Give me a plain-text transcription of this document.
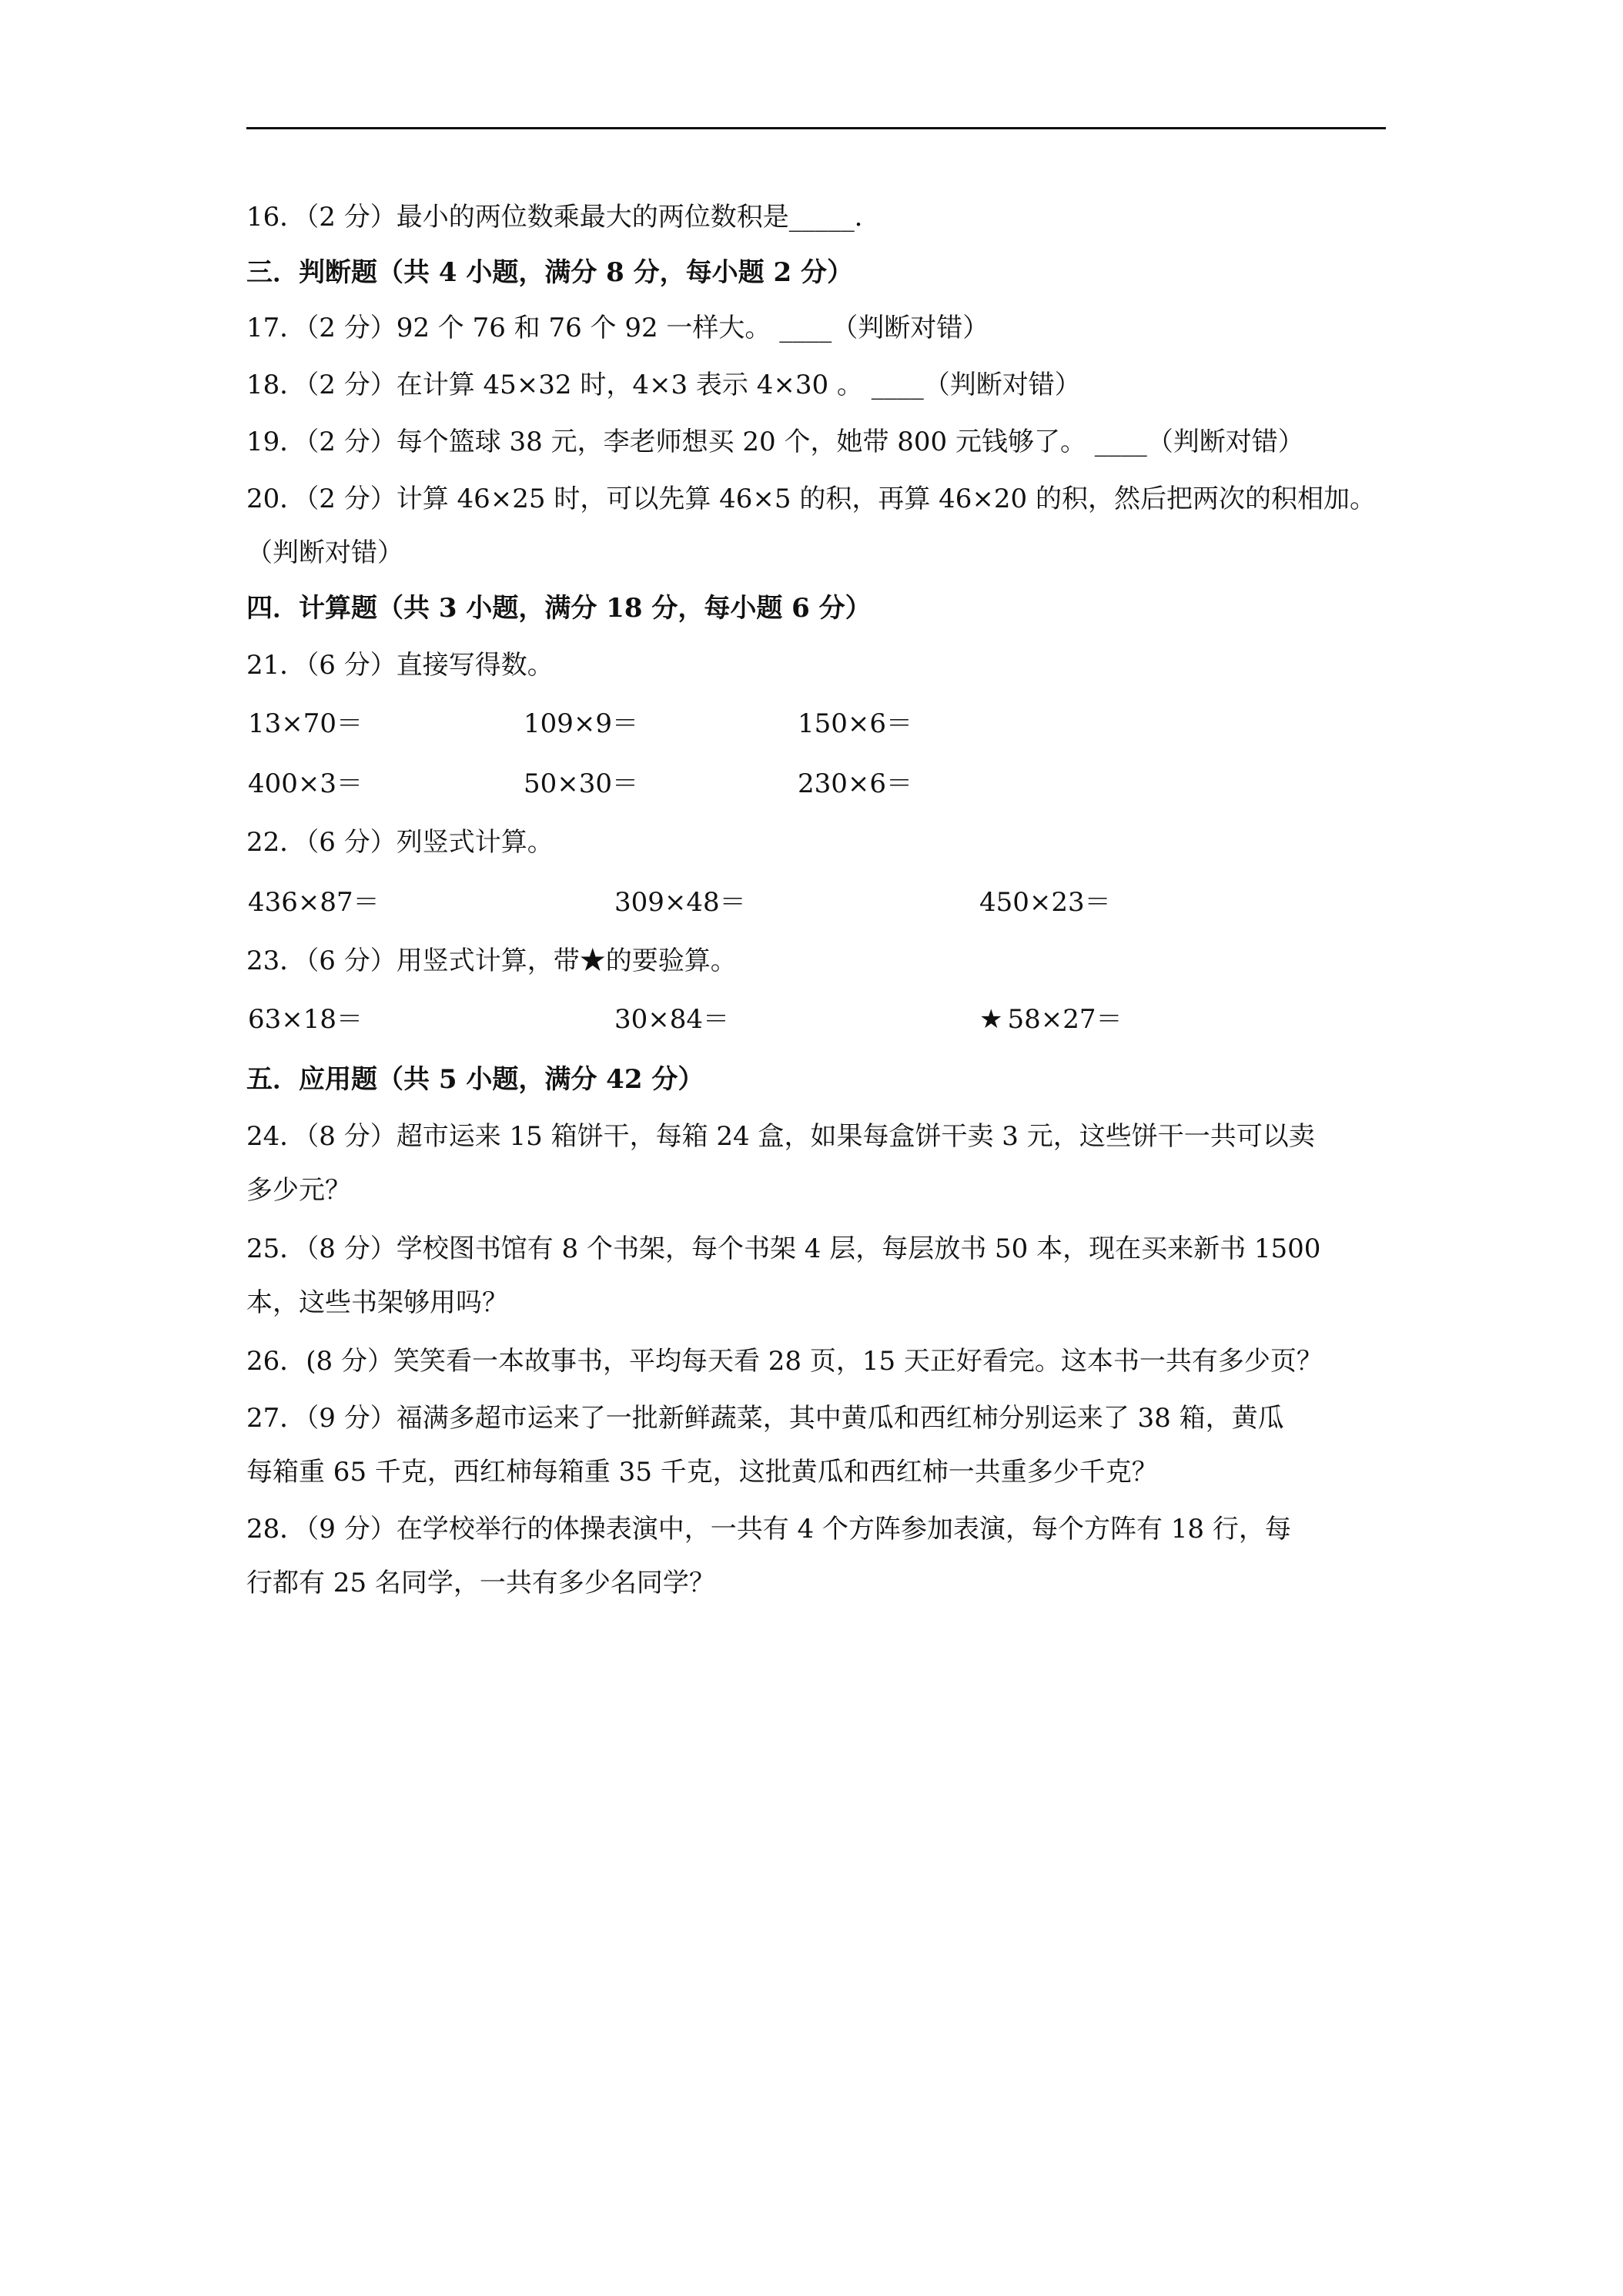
16．（2 分）最小的两位数乘最大的两位数积是_____．
三．判断题（共 4 小题，满分 8 分，每小题 2 分）
17．（2 分）92 个 76 和 76 个 92 一样大。 ____（判断对错）
18．（2 分）在计算 45×32 时，4×3 表示 4×30 。 ____（判断对错）
19．（2 分）每个篮球 38 元，李老师想买 20 个，她带 800 元钱够了。 ____（判断对错）
20．（2 分）计算 46×25 时，可以先算 46×5 的积，再算 46×20 的积，然后把两次的积相加。
（判断对错）
四．计算题（共 3 小题，满分 18 分，每小题 6 分）
21．（6 分）直接写得数。
13×70＝	109×9＝	150×6＝
400×3＝	50×30＝	230×6＝
22．（6 分）列竖式计算。
436×87＝	309×48＝	450×23＝
23．（6 分）用竖式计算，带★的要验算。
63×18＝	30×84＝	★ 58×27＝
五．应用题（共 5 小题，满分 42 分）
24．（8 分）超市运来 15 箱饼干，每箱 24 盒，如果每盒饼干卖 3 元，这些饼干一共可以卖
多少元？
25．（8 分）学校图书馆有 8 个书架，每个书架 4 层，每层放书 50 本，现在买来新书 1500
本，这些书架够用吗？
26．(8 分）笑笑看一本故事书，平均每天看 28 页，15 天正好看完。这本书一共有多少页？
27．（9 分）福满多超市运来了一批新鲜蔬菜，其中黄瓜和西红柿分别运来了 38 箱，黄瓜
每箱重 65 千克，西红柿每箱重 35 千克，这批黄瓜和西红柿一共重多少千克？
28．（9 分）在学校举行的体操表演中，一共有 4 个方阵参加表演，每个方阵有 18 行，每
行都有 25 名同学，一共有多少名同学？
